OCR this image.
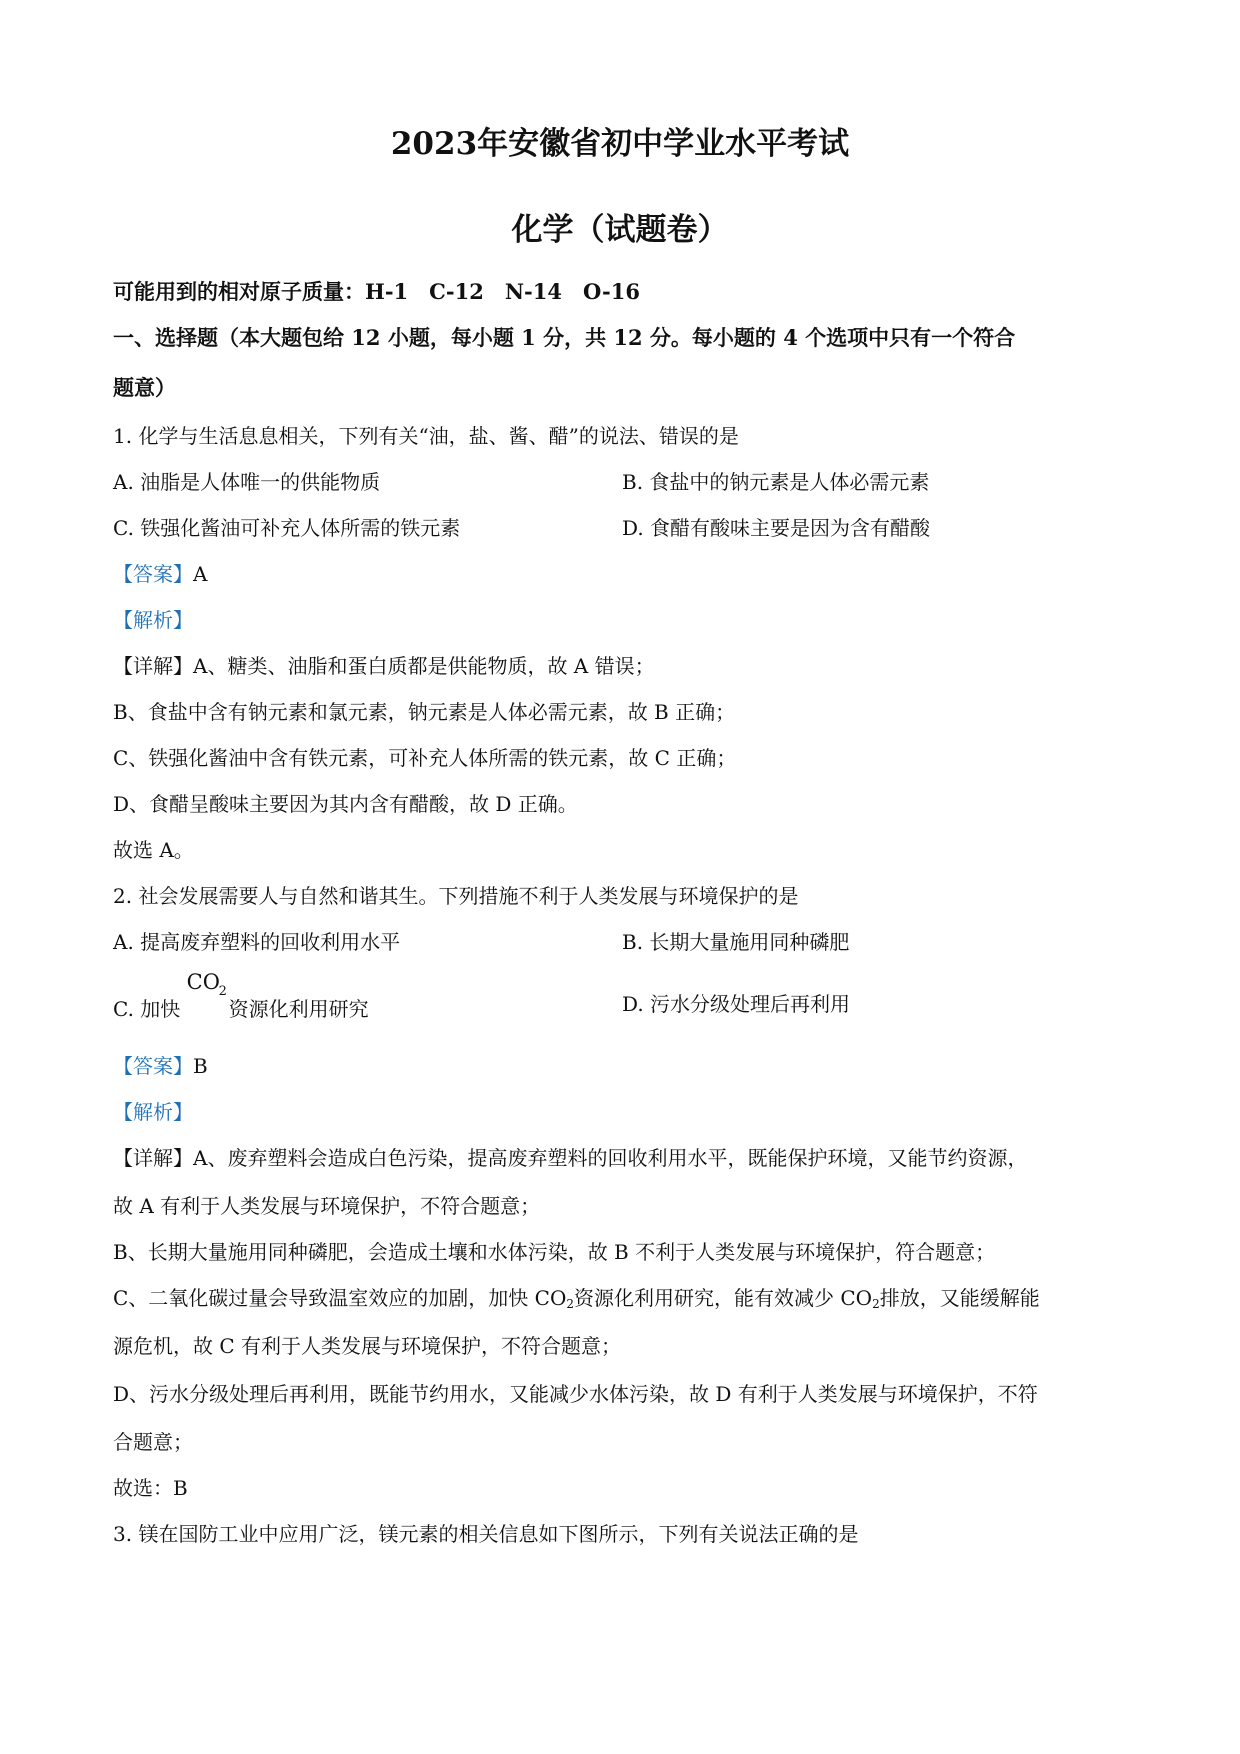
2023年安徽省初中学业水平考试
化学（试题卷）
可能用到的相对原子质量：H-1　C-12　N-14　O-16
一、选择题（本大题包给 12 小题，每小题 1 分，共 12 分。每小题的 4 个选项中只有一个符合
题意）
1. 化学与生活息息相关，下列有关“油，盐、酱、醋”的说法、错误的是
A. 油脂是人体唯一的供能物质	B. 食盐中的钠元素是人体必需元素
C. 铁强化酱油可补充人体所需的铁元素	D. 食醋有酸味主要是因为含有醋酸
【答案】A
【解析】
【详解】A、糖类、油脂和蛋白质都是供能物质，故 A 错误；
B、食盐中含有钠元素和氯元素，钠元素是人体必需元素，故 B 正确；
C、铁强化酱油中含有铁元素，可补充人体所需的铁元素，故 C 正确；
D、食醋呈酸味主要因为其内含有醋酸，故 D 正确。
故选 A。
2. 社会发展需要人与自然和谐其生。下列措施不利于人类发展与环境保护的是
A. 提高废弃塑料的回收利用水平	B. 长期大量施用同种磷肥
C. 加快
CO
2
资源化利用研究	D. 污水分级处理后再利用
【答案】B
【解析】
【详解】A、废弃塑料会造成白色污染，提高废弃塑料的回收利用水平，既能保护环境，又能节约资源，
故 A 有利于人类发展与环境保护，不符合题意；
B、长期大量施用同种磷肥，会造成土壤和水体污染，故 B 不利于人类发展与环境保护，符合题意；
C、二氧化碳过量会导致温室效应的加剧，加快 $CO_2$资源化利用研究，能有效减少 $CO_2$排放，又能缓解能
源危机，故 C 有利于人类发展与环境保护，不符合题意；
D、污水分级处理后再利用，既能节约用水，又能减少水体污染，故 D 有利于人类发展与环境保护，不符
合题意；
故选：B
3. 镁在国防工业中应用广泛，镁元素的相关信息如下图所示，下列有关说法正确的是
